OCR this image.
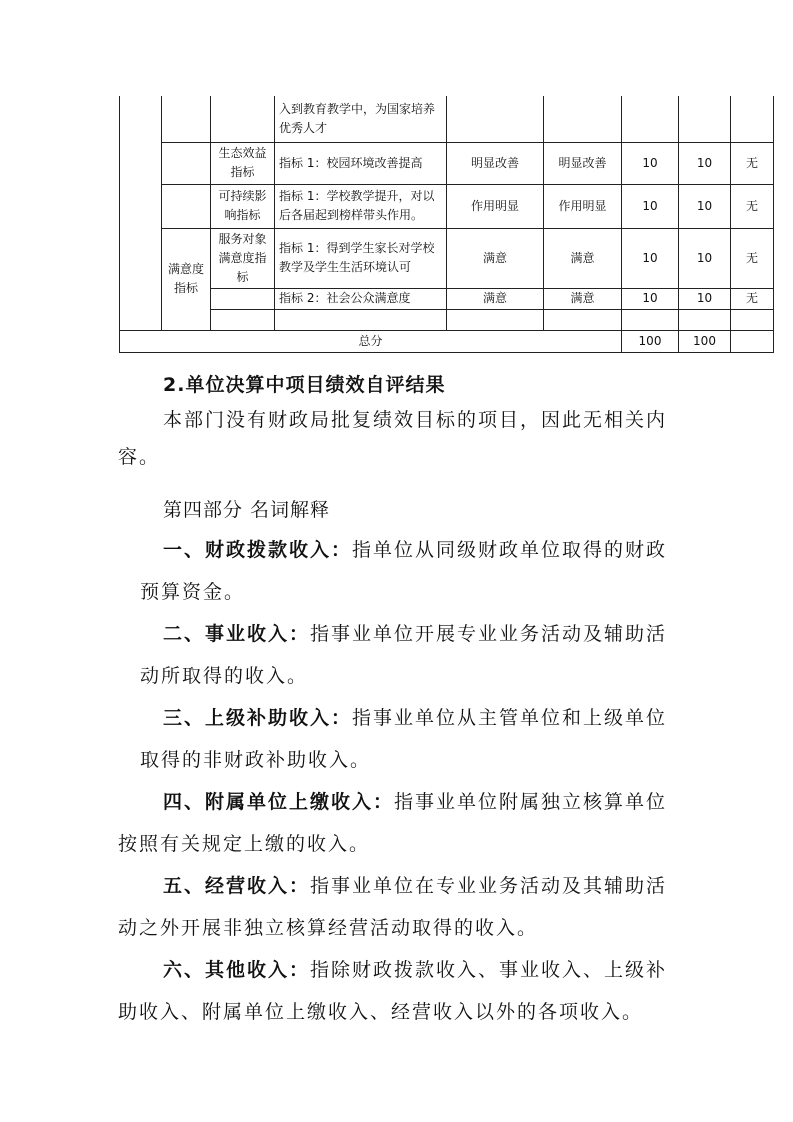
			入到教育教学中，为国家培养优秀人才					
		生态效益指标	指标 1：校园环境改善提高	明显改善	明显改善	10	10	无
		可持续影响指标	指标 1：学校教学提升，对以后各届起到榜样带头作用。	作用明显	作用明显	10	10	无
	满意度指标	服务对象满意度指标	指标 1：得到学生家长对学校教学及学生生活环境认可	满意	满意	10	10	无
			指标 2：社会公众满意度	满意	满意	10	10	无

总分						100	100	
2.单位决算中项目绩效自评结果
本部门没有财政局批复绩效目标的项目，因此无相关内容。
第四部分 名词解释
一、财政拨款收入：指单位从同级财政单位取得的财政
预算资金。
二、事业收入：指事业单位开展专业业务活动及辅助活
动所取得的收入。
三、上级补助收入：指事业单位从主管单位和上级单位
取得的非财政补助收入。
四、附属单位上缴收入：指事业单位附属独立核算单位
按照有关规定上缴的收入。
五、经营收入：指事业单位在专业业务活动及其辅助活
动之外开展非独立核算经营活动取得的收入。
六、其他收入：指除财政拨款收入、事业收入、上级补
助收入、附属单位上缴收入、经营收入以外的各项收入。
